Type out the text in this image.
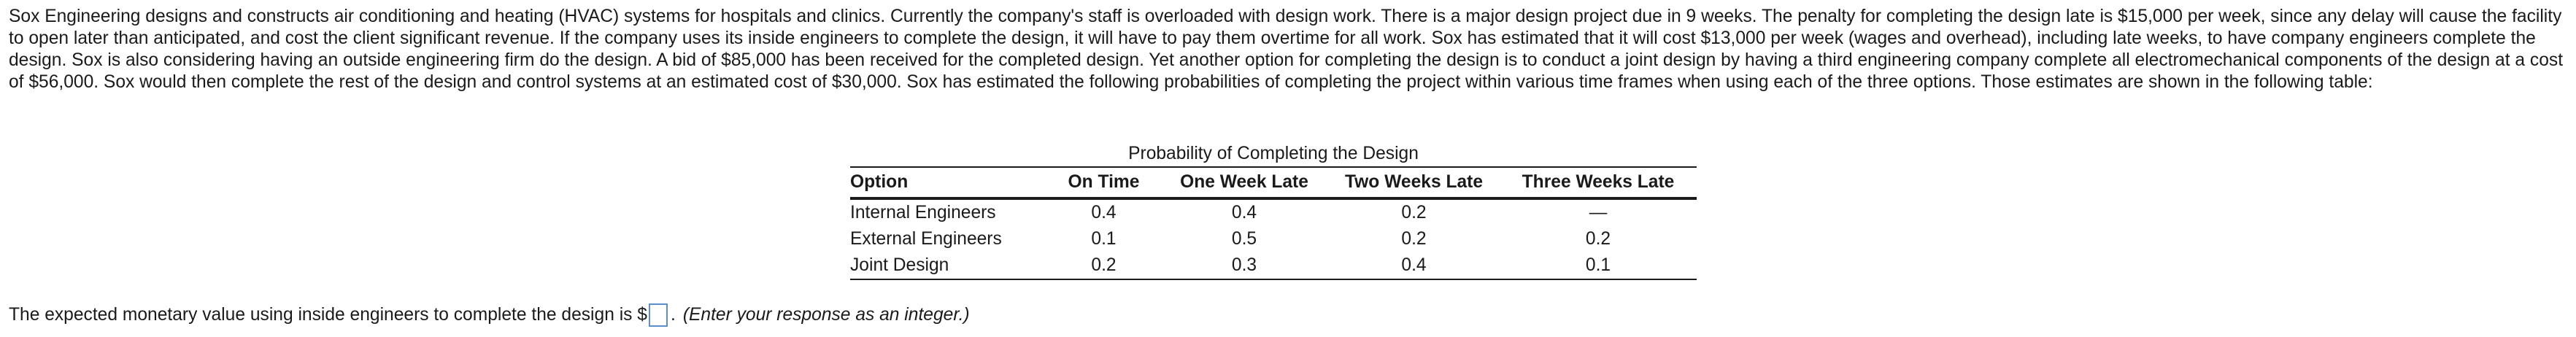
Sox Engineering designs and constructs air conditioning and heating (HVAC) systems for hospitals and clinics. Currently the company's staff is overloaded with design work. There is a major design project due in 9 weeks. The penalty for completing the design late is $15,000 per week, since any delay will cause the facility to open later than anticipated, and cost the client significant revenue. If the company uses its inside engineers to complete the design, it will have to pay them overtime for all work. Sox has estimated that it will cost $13,000 per week (wages and overhead), including late weeks, to have company engineers complete the design. Sox is also considering having an outside engineering firm do the design. A bid of $85,000 has been received for the completed design. Yet another option for completing the design is to conduct a joint design by having a third engineering company complete all electromechanical components of the design at a cost of $56,000. Sox would then complete the rest of the design and control systems at an estimated cost of $30,000. Sox has estimated the following probabilities of completing the project within various time frames when using each of the three options. Those estimates are shown in the following table:

Probability of Completing the Design
Option	On Time	One Week Late	Two Weeks Late	Three Weeks Late
Internal Engineers	0.4	0.4	0.2	—
External Engineers	0.1	0.5	0.2	0.2
Joint Design	0.2	0.3	0.4	0.1
The expected monetary value using inside engineers to complete the design is $ . (Enter your response as an integer.)
